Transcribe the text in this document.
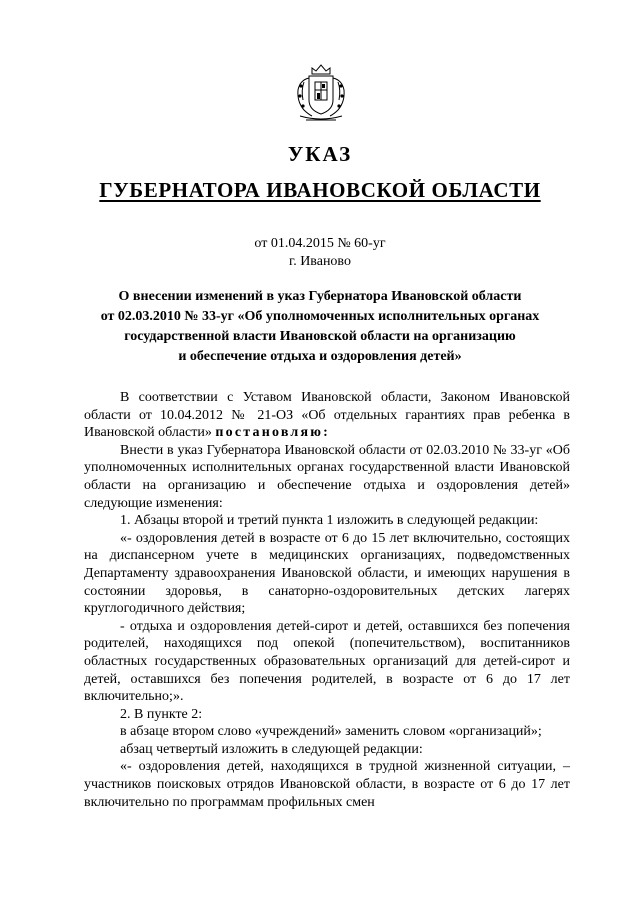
УКАЗ
ГУБЕРНАТОРА ИВАНОВСКОЙ ОБЛАСТИ
от 01.04.2015 № 60-уг
г. Иваново
О внесении изменений в указ Губернатора Ивановской области
от 02.03.2010 № 33-уг «Об уполномоченных исполнительных органах
государственной власти Ивановской области на организацию
и обеспечение отдыха и оздоровления детей»

В соответствии с Уставом Ивановской области, Законом Ивановской области от 10.04.2012 № 21-ОЗ «Об отдельных гарантиях прав ребенка в Ивановской области» постановляю:

Внести в указ Губернатора Ивановской области от 02.03.2010 № 33-уг «Об уполномоченных исполнительных органах государственной власти Ивановской области на организацию и обеспечение отдыха и оздоровления детей» следующие изменения:

1. Абзацы второй и третий пункта 1 изложить в следующей редакции:

«- оздоровления детей в возрасте от 6 до 15 лет включительно, состоящих на диспансерном учете в медицинских организациях, подведомственных Департаменту здравоохранения Ивановской области, и имеющих нарушения в состоянии здоровья, в санаторно-оздоровительных детских лагерях круглогодичного действия;

- отдыха и оздоровления детей-сирот и детей, оставшихся без попечения родителей, находящихся под опекой (попечительством), воспитанников областных государственных образовательных организаций для детей-сирот и детей, оставшихся без попечения родителей, в возрасте от 6 до 17 лет включительно;».

2. В пункте 2:

в абзаце втором слово «учреждений» заменить словом «организаций»;

абзац четвертый изложить в следующей редакции:

«- оздоровления детей, находящихся в трудной жизненной ситуации, – участников поисковых отрядов Ивановской области, в возрасте от 6 до 17 лет включительно по программам профильных смен
